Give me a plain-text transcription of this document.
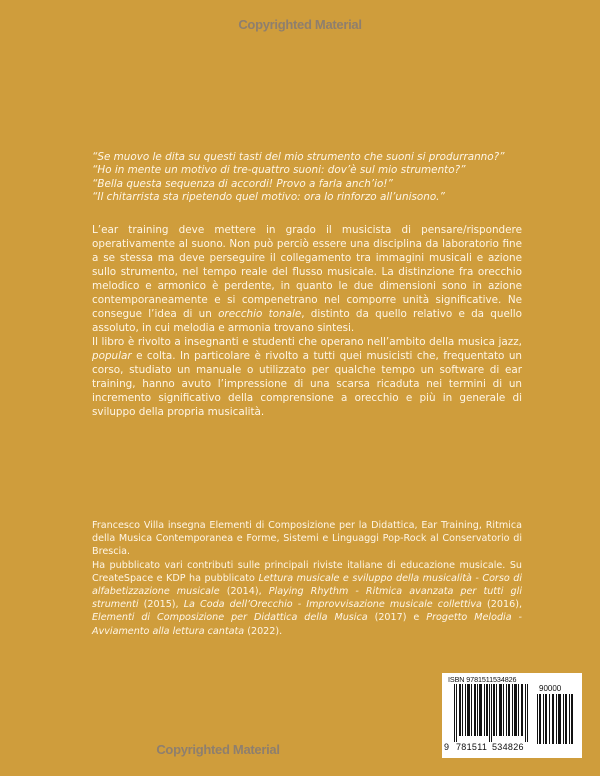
Copyrighted Material
“Se muovo le dita su questi tasti del mio strumento che suoni si produrranno?”
“Ho in mente un motivo di tre-quattro suoni: dov’è sul mio strumento?”
“Bella questa sequenza di accordi! Provo a farla anch’io!”
“Il chitarrista sta ripetendo quel motivo: ora lo rinforzo all’unisono.”

L’ear training deve mettere in grado il musicista di pensare/rispondere operativamente al suono. Non può perciò essere una disciplina da laboratorio fine a se stessa ma deve perseguire il collegamento tra immagini musicali e azione sullo strumento, nel tempo reale del flusso musicale. La distinzione fra orecchio melodico e armonico è perdente, in quanto le due dimensioni sono in azione contemporaneamente e si compenetrano nel comporre unità significative. Ne consegue l’idea di un orecchio tonale, distinto da quello relativo e da quello assoluto, in cui melodia e armonia trovano sintesi.

Il libro è rivolto a insegnanti e studenti che operano nell’ambito della musica jazz, popular e colta. In particolare è rivolto a tutti quei musicisti che, frequentato un corso, studiato un manuale o utilizzato per qualche tempo un software di ear training, hanno avuto l’impressione di una scarsa ricaduta nei termini di un incremento significativo della comprensione a orecchio e più in generale di sviluppo della propria musicalità.

Francesco Villa insegna Elementi di Composizione per la Didattica, Ear Training, Ritmica della Musica Contemporanea e Forme, Sistemi e Linguaggi Pop-Rock al Conservatorio di Brescia.

Ha pubblicato vari contributi sulle principali riviste italiane di educazione musicale. Su CreateSpace e KDP ha pubblicato Lettura musicale e sviluppo della musicalità - Corso di alfabetizzazione musicale (2014), Playing Rhythm - Ritmica avanzata per tutti gli strumenti (2015), La Coda dell’Orecchio - Improvvisazione musicale collettiva (2016), Elementi di Composizione per Didattica della Musica (2017) e Progetto Melodia - Avviamento alla lettura cantata (2022).

ISBN 9781511534826
90000
9 781511 534826
Copyrighted Material
